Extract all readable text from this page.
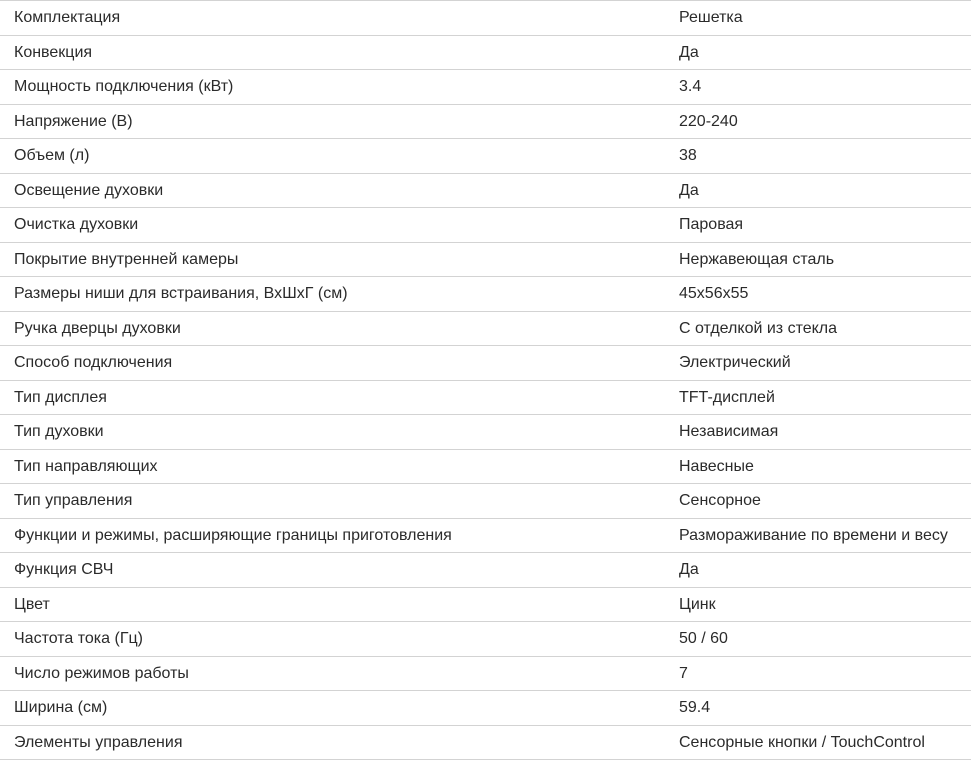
Комплектация	Решетка
Конвекция	Да
Мощность подключения (кВт)	3.4
Напряжение (В)	220-240
Объем (л)	38
Освещение духовки	Да
Очистка духовки	Паровая
Покрытие внутренней камеры	Нержавеющая сталь
Размеры ниши для встраивания, ВхШхГ (см)	45x56x55
Ручка дверцы духовки	С отделкой из стекла
Способ подключения	Электрический
Тип дисплея	TFT-дисплей
Тип духовки	Независимая
Тип направляющих	Навесные
Тип управления	Сенсорное
Функции и режимы, расширяющие границы приготовления	Размораживание по времени и весу
Функция СВЧ	Да
Цвет	Цинк
Частота тока (Гц)	50 / 60
Число режимов работы	7
Ширина (см)	59.4
Элементы управления	Сенсорные кнопки / TouchControl
